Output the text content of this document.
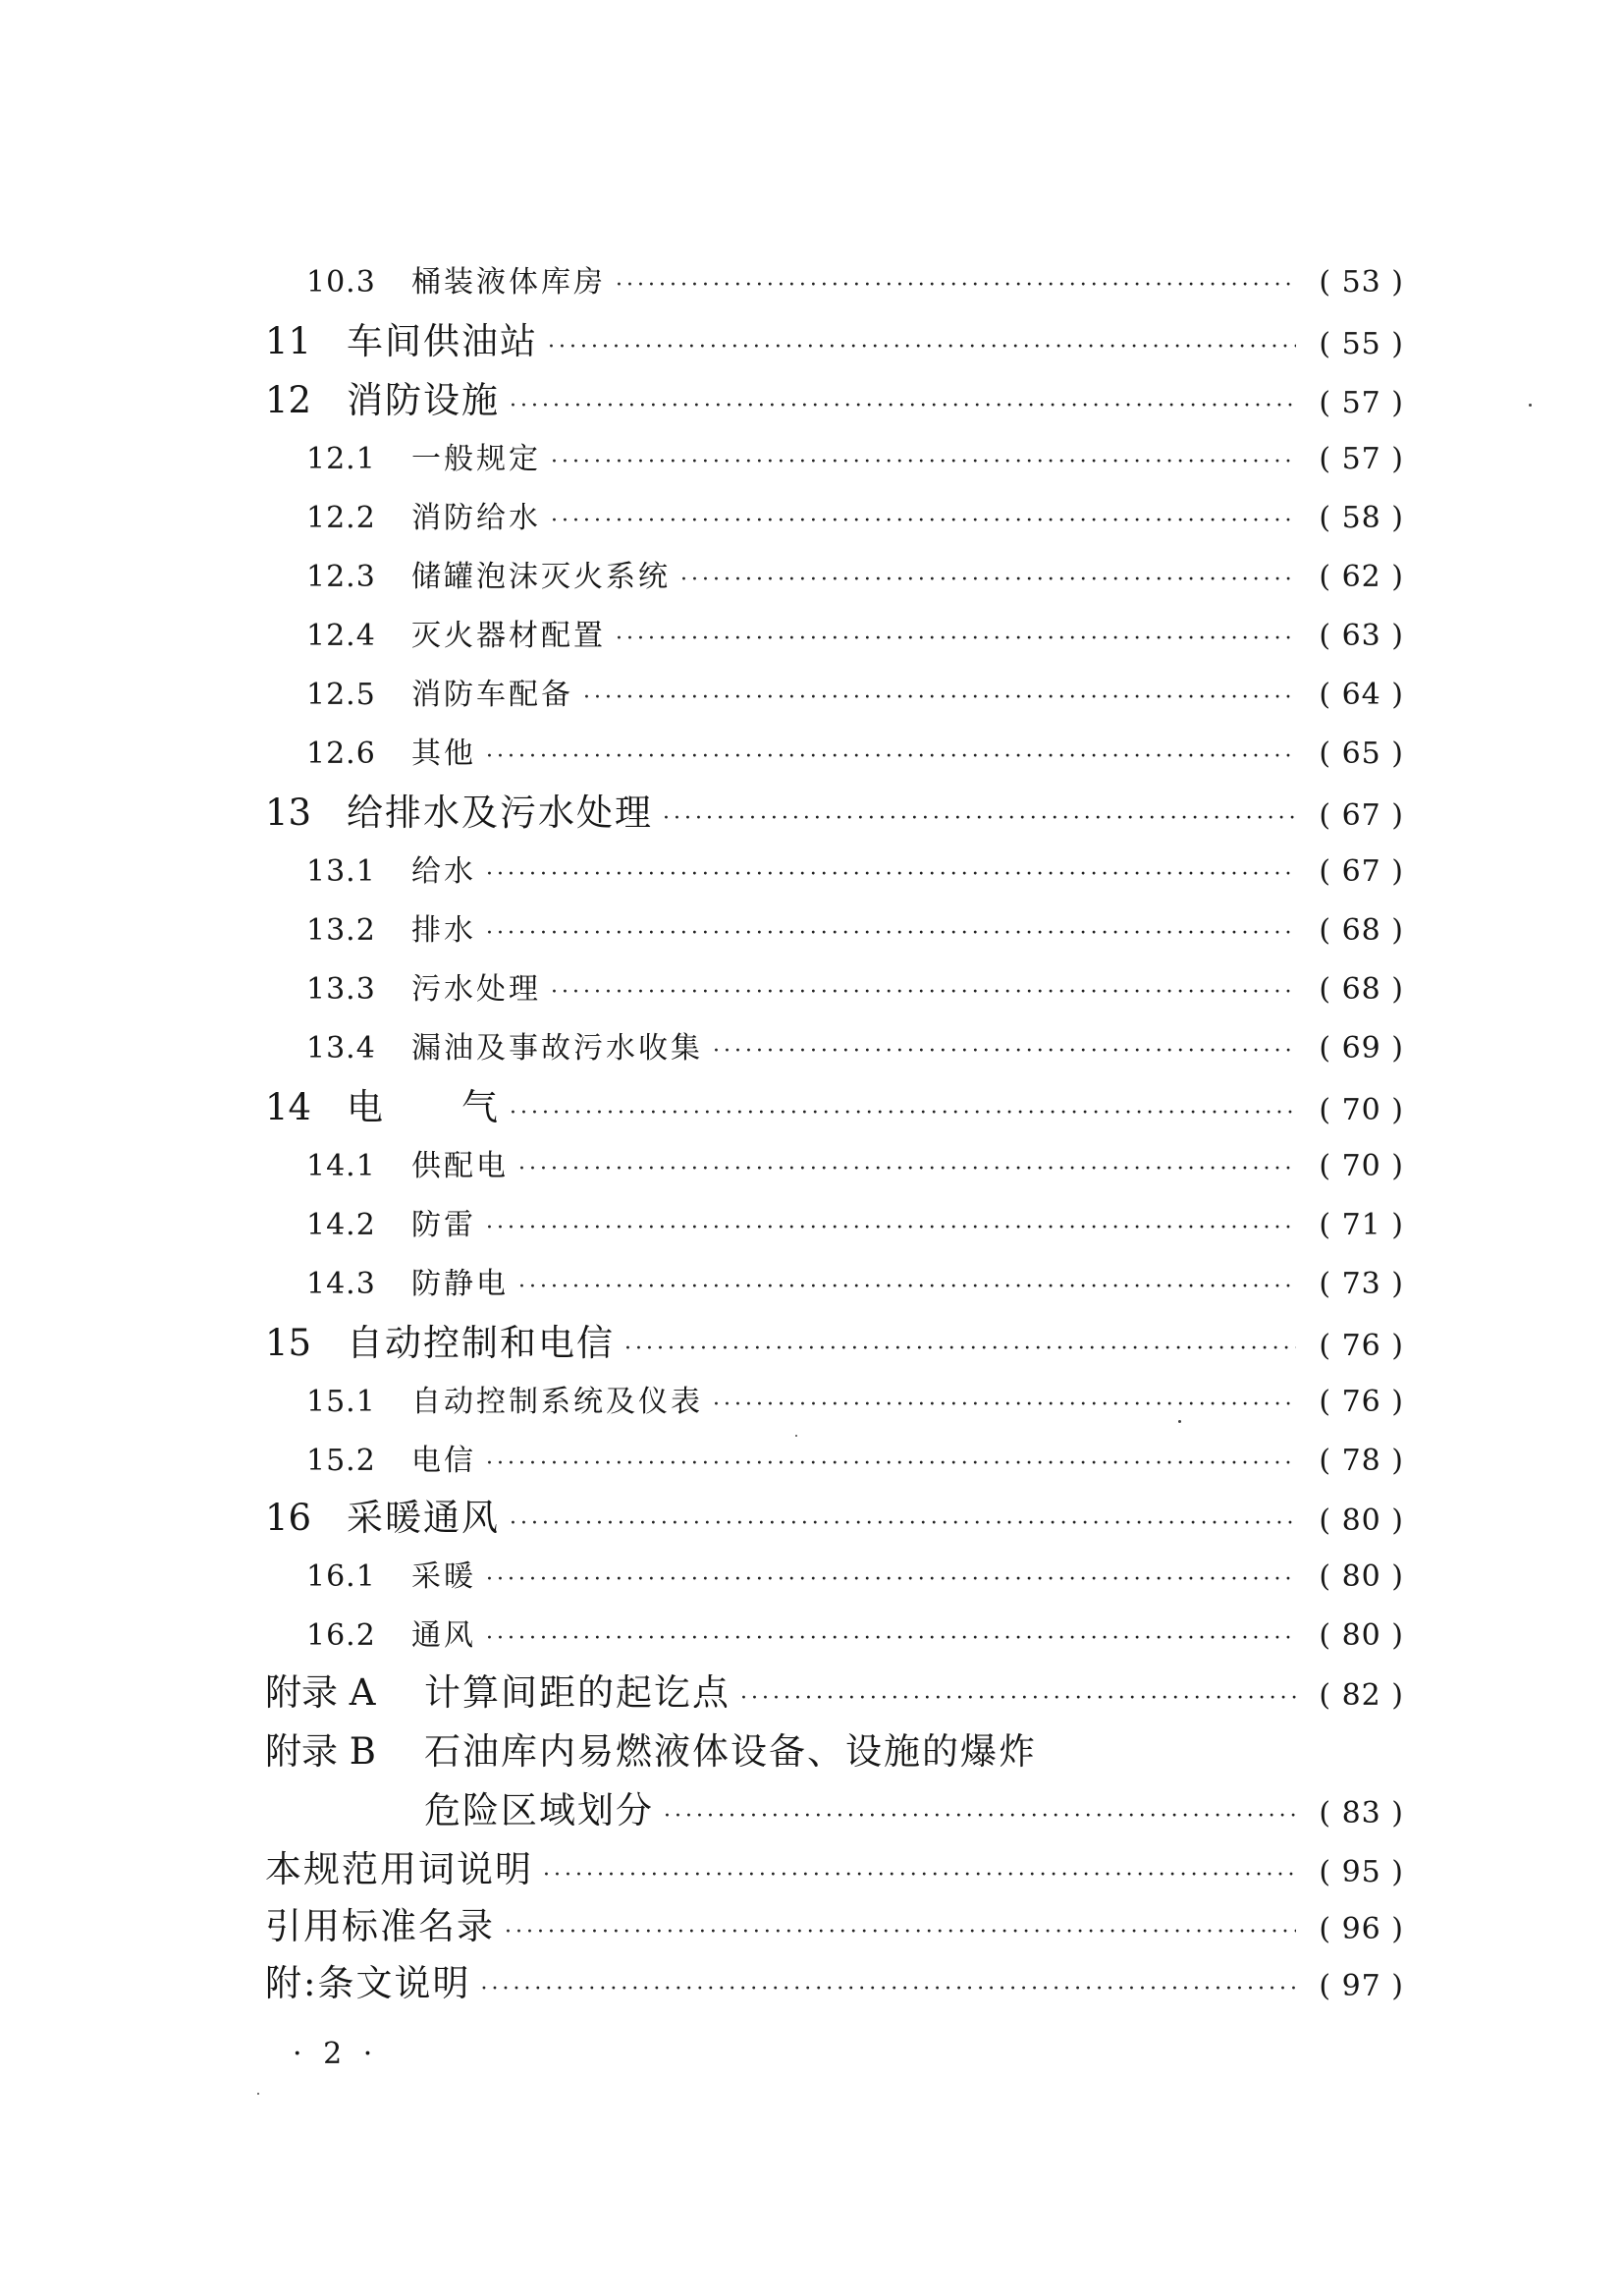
10.3	桶装液体库房 ·····	( 53 )
11 车间供油站 ·····	( 55 )
12 消防设施 ·····	( 57 )
12.1	一般规定 ·····	( 57 )
12.2	消防给水 ·····	( 58 )
12.3	储罐泡沫灭火系统 ·····	( 62 )
12.4	灭火器材配置 ·····	( 63 )
12.5	消防车配备 ·····	( 64 )
12.6	其他 ·····	( 65 )
13 给排水及污水处理 ·····	( 67 )
13.1	给水 ·····	( 67 )
13.2	排水 ·····	( 68 )
13.3	污水处理 ·····	( 68 )
13.4	漏油及事故污水收集 ·····	( 69 )
14 电　　气 ·····	( 70 )
14.1	供配电 ·····	( 70 )
14.2	防雷 ·····	( 71 )
14.3	防静电 ·····	( 73 )
15 自动控制和电信 ·····	( 76 )
15.1	自动控制系统及仪表 ·····	( 76 )
15.2	电信 ·····	( 78 )
16 采暖通风 ·····	( 80 )
16.1	采暖 ·····	( 80 )
16.2	通风 ·····	( 80 )
附录 A	计算间距的起讫点 ·····	( 82 )
附录 B	石油库内易燃液体设备、设施的爆炸
危险区域划分 ·····	( 83 )
本规范用词说明 ·····	( 95 )
引用标准名录 ·····	( 96 )
附:条文说明 ·····	( 97 )
· 2 ·
